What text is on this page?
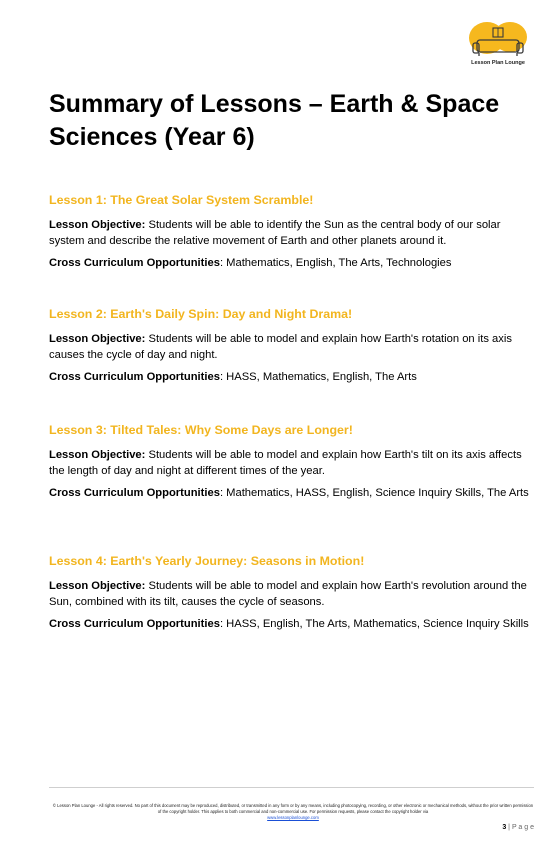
Lesson Plan Lounge
Summary of Lessons – Earth & Space Sciences (Year 6)
Lesson 1: The Great Solar System Scramble!

Lesson Objective: Students will be able to identify the Sun as the central body of our solar system and describe the relative movement of Earth and other planets around it.

Cross Curriculum Opportunities: Mathematics, English, The Arts, Technologies

Lesson 2: Earth's Daily Spin: Day and Night Drama!

Lesson Objective: Students will be able to model and explain how Earth's rotation on its axis causes the cycle of day and night.

Cross Curriculum Opportunities: HASS, Mathematics, English, The Arts

Lesson 3: Tilted Tales: Why Some Days are Longer!

Lesson Objective: Students will be able to model and explain how Earth's tilt on its axis affects the length of day and night at different times of the year.

Cross Curriculum Opportunities: Mathematics, HASS, English, Science Inquiry Skills, The Arts

Lesson 4: Earth's Yearly Journey: Seasons in Motion!

Lesson Objective: Students will be able to model and explain how Earth's revolution around the Sun, combined with its tilt, causes the cycle of seasons.

Cross Curriculum Opportunities: HASS, English, The Arts, Mathematics, Science Inquiry Skills

© Lesson Plan Lounge - All rights reserved. No part of this document may be reproduced, distributed, or transmitted in any form or by any means, including photocopying, recording, or other electronic or mechanical methods, without the prior written permission of the copyright holder. This applies to both commercial and non-commercial use. For permission requests, please contact the copyright holder via
www.lessonplanlounge.com
3 | P a g e
